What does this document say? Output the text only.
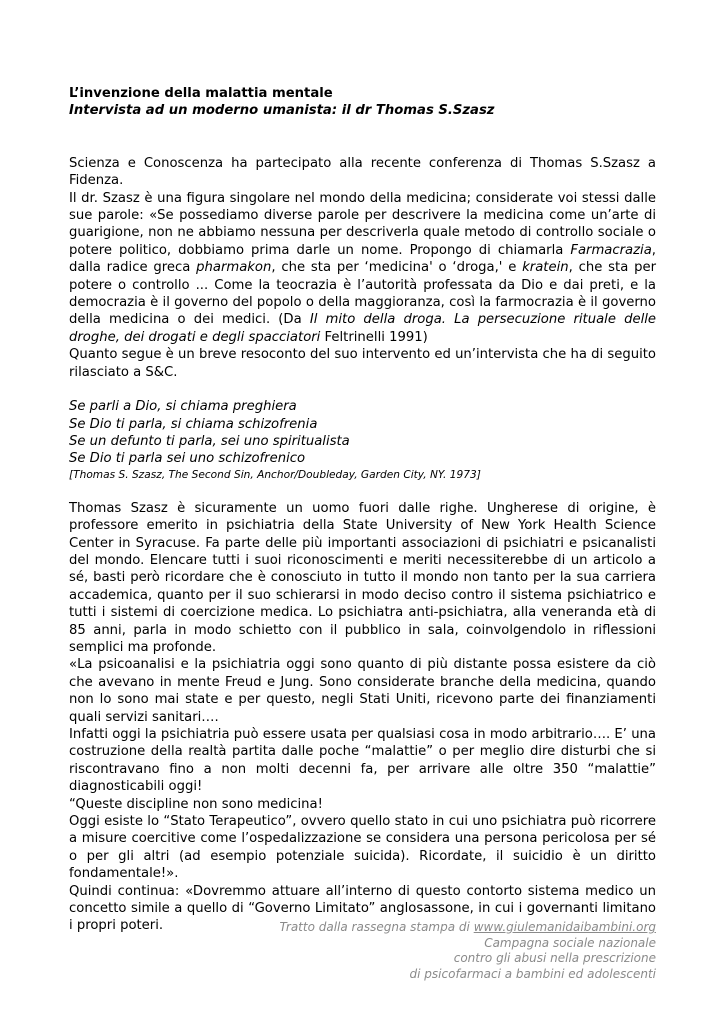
L’invenzione della malattia mentale
Intervista ad un moderno umanista: il dr Thomas S.Szasz

Scienza e Conoscenza ha partecipato alla recente conferenza di Thomas S.Szasz a Fidenza.

Il dr. Szasz è una figura singolare nel mondo della medicina; considerate voi stessi dalle sue parole: «Se possediamo diverse parole per descrivere la medicina come un’arte di guarigione, non ne abbiamo nessuna per descriverla quale metodo di controllo sociale o potere politico, dobbiamo prima darle un nome. Propongo di chiamarla Farmacrazia, dalla radice greca pharmakon, che sta per ‘medicina' o ‘droga,' e kratein, che sta per potere o controllo ... Come la teocrazia è l’autorità professata da Dio e dai preti, e la democrazia è il governo del popolo o della maggioranza, così la farmocrazia è il governo della medicina o dei medici. (Da Il mito della droga. La persecuzione rituale delle droghe, dei drogati e degli spacciatori Feltrinelli 1991)

Quanto segue è un breve resoconto del suo intervento ed un’intervista che ha di seguito rilasciato a S&C.

Se parli a Dio, si chiama preghiera

Se Dio ti parla, si chiama schizofrenia

Se un defunto ti parla, sei uno spiritualista

Se Dio ti parla sei uno schizofrenico

[Thomas S. Szasz, The Second Sin, Anchor/Doubleday, Garden City, NY. 1973]

Thomas Szasz è sicuramente un uomo fuori dalle righe. Ungherese di origine, è professore emerito in psichiatria della State University of New York Health Science Center in Syracuse. Fa parte delle più importanti associazioni di psichiatri e psicanalisti del mondo. Elencare tutti i suoi riconoscimenti e meriti necessiterebbe di un articolo a sé, basti però ricordare che è conosciuto in tutto il mondo non tanto per la sua carriera accademica, quanto per il suo schierarsi in modo deciso contro il sistema psichiatrico e tutti i sistemi di coercizione medica. Lo psichiatra anti-psichiatra, alla veneranda età di 85 anni, parla in modo schietto con il pubblico in sala, coinvolgendolo in riflessioni semplici ma profonde.

«La psicoanalisi e la psichiatria oggi sono quanto di più distante possa esistere da ciò che avevano in mente Freud e Jung. Sono considerate branche della medicina, quando non lo sono mai state e per questo, negli Stati Uniti, ricevono parte dei finanziamenti quali servizi sanitari….

Infatti oggi la psichiatria può essere usata per qualsiasi cosa in modo arbitrario…. E’ una costruzione della realtà partita dalle poche “malattie” o per meglio dire disturbi che si riscontravano fino a non molti decenni fa, per arrivare alle oltre 350 “malattie” diagnosticabili oggi!

“Queste discipline non sono medicina!

Oggi esiste lo “Stato Terapeutico”, ovvero quello stato in cui uno psichiatra può ricorrere a misure coercitive come l’ospedalizzazione se considera una persona pericolosa per sé o per gli altri (ad esempio potenziale suicida). Ricordate, il suicidio è un diritto fondamentale!».

Quindi continua: «Dovremmo attuare all’interno di questo contorto sistema medico un concetto simile a quello di “Governo Limitato” anglosassone, in cui i governanti limitano i propri poteri.	Tratto dalla rassegna stampa di www.giulemanidaibambini.org
Campagna sociale nazionale
contro gli abusi nella prescrizione
di psicofarmaci a bambini ed adolescenti
